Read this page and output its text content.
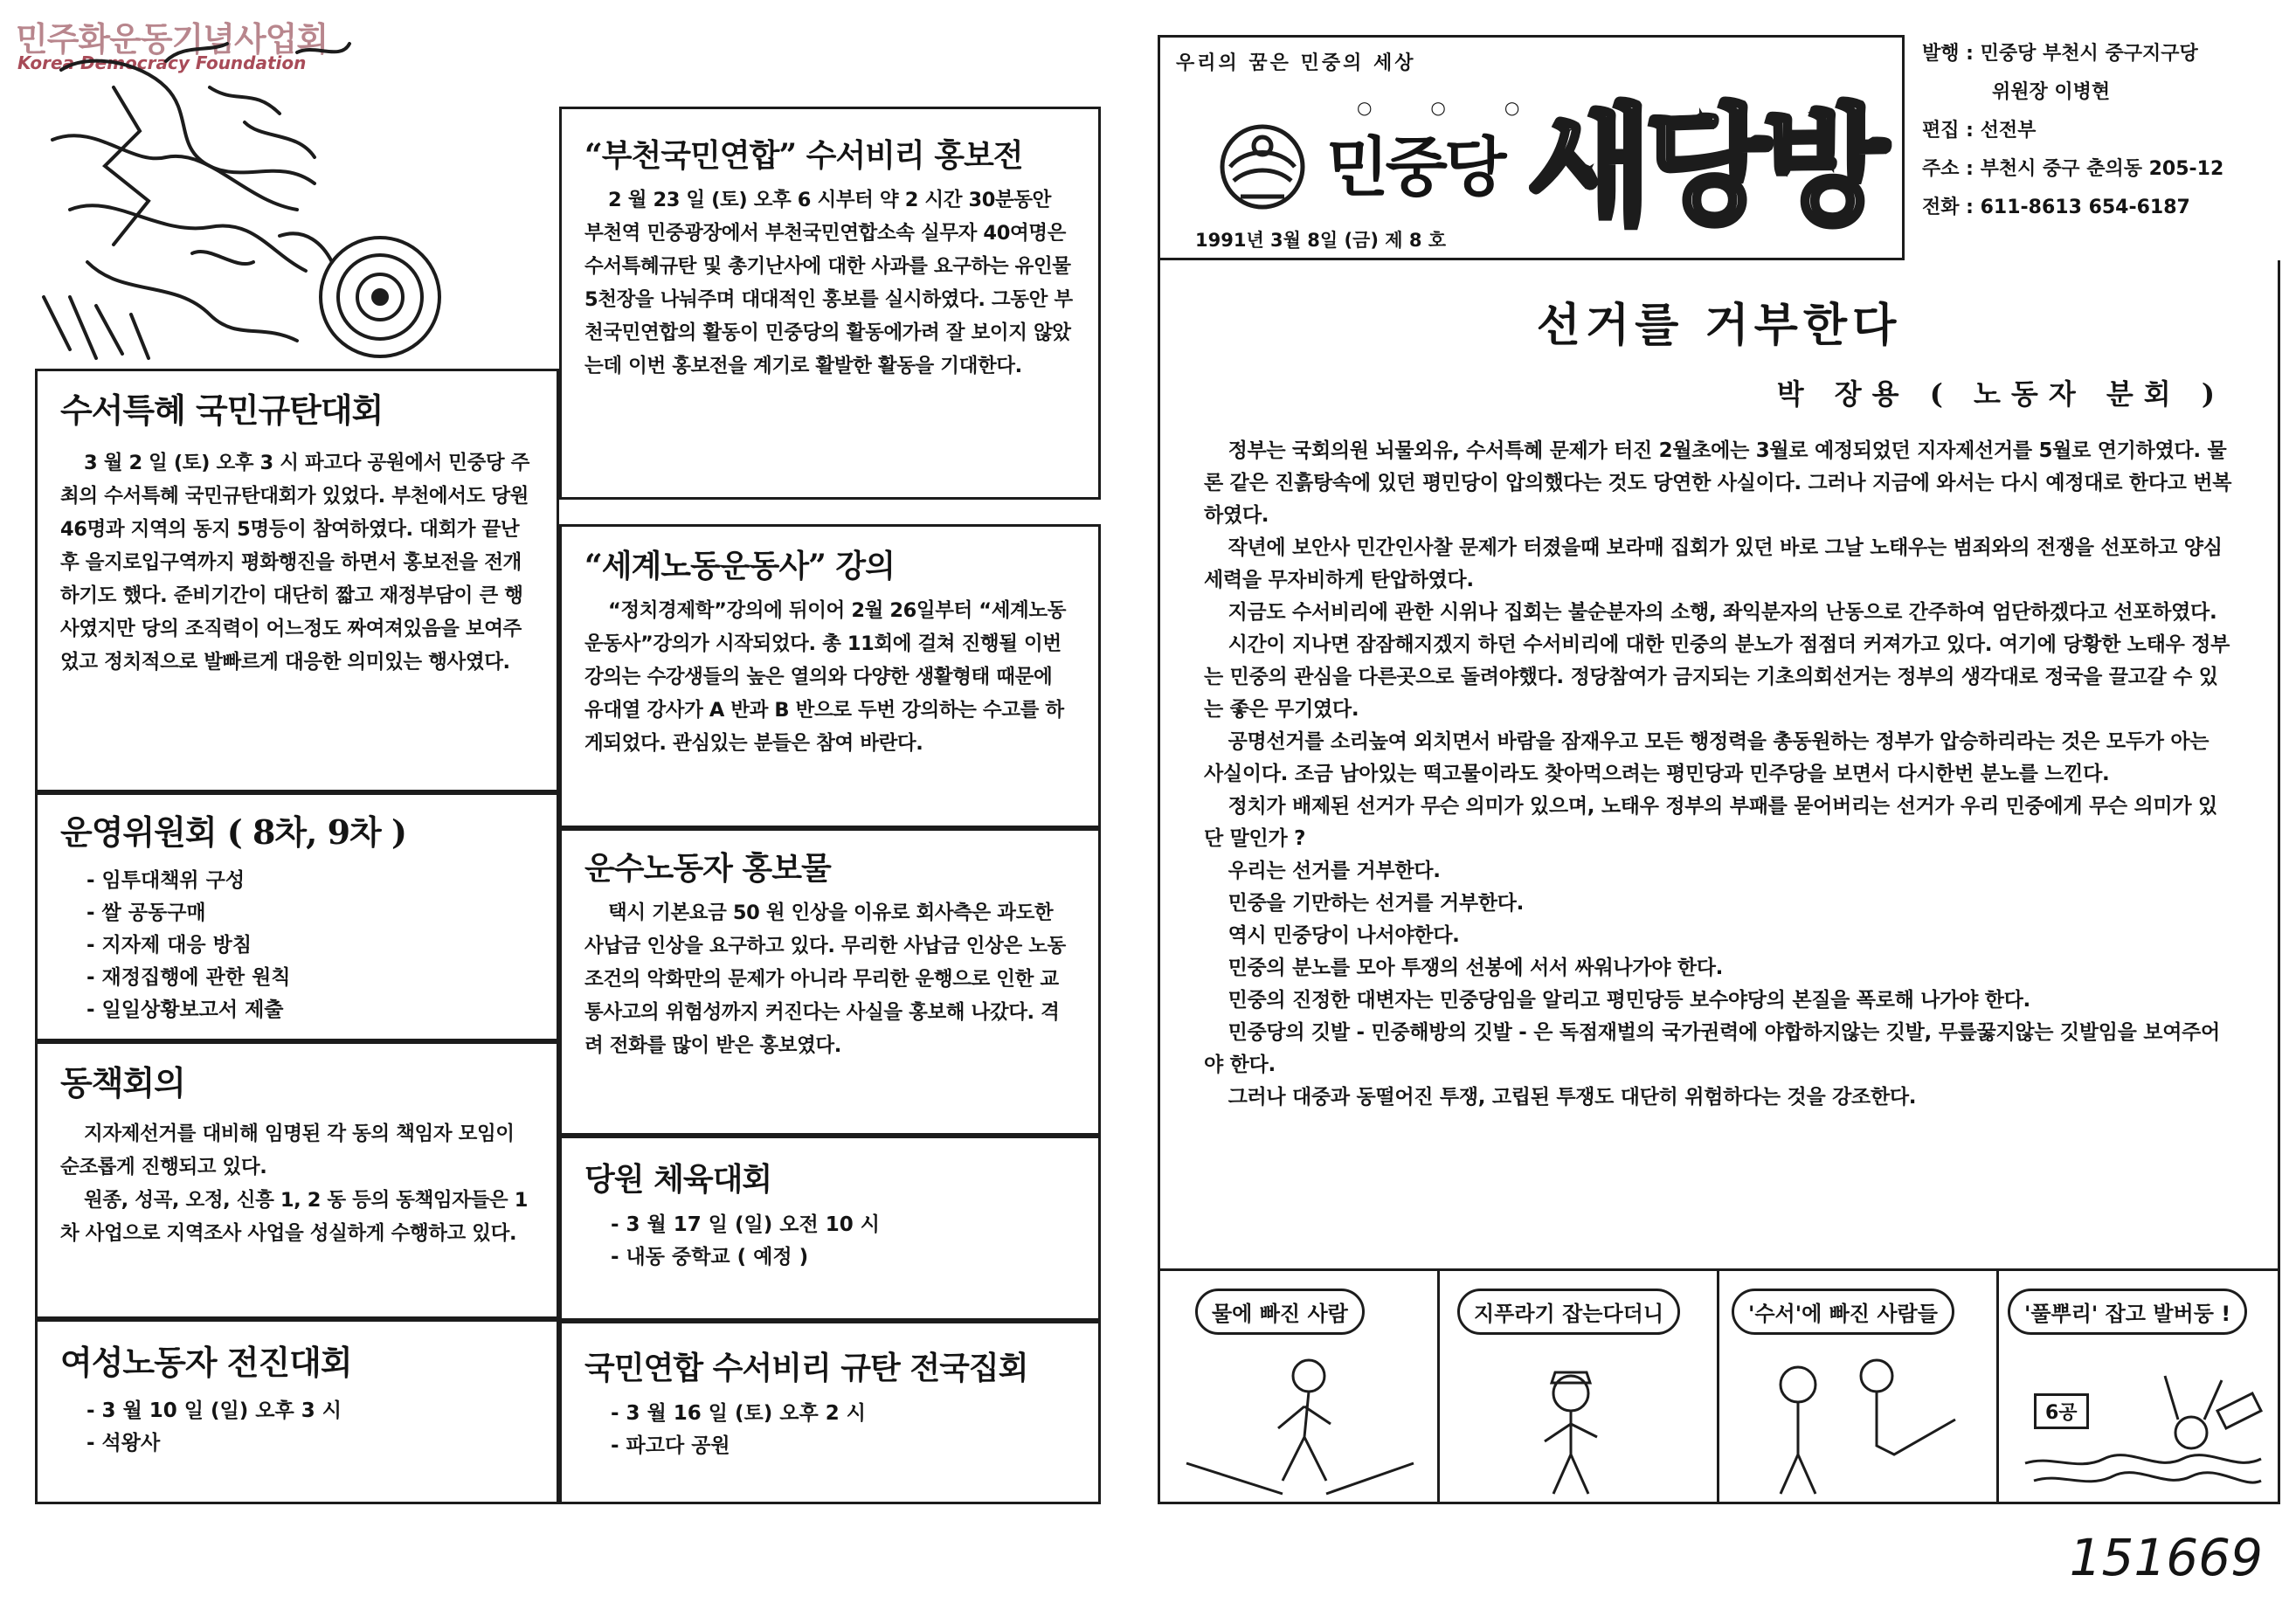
민주화운동기념사업회
Korea Democracy Foundation
수서특혜 국민규탄대회

3 월 2 일 (토) 오후 3 시 파고다 공원에서 민중당 주최의 수서특혜 국민규탄대회가 있었다. 부천에서도 당원 46명과 지역의 동지 5명등이 참여하였다. 대회가 끝난후 을지로입구역까지 평화행진을 하면서 홍보전을 전개하기도 했다. 준비기간이 대단히 짧고 재정부담이 큰 행사였지만 당의 조직력이 어느정도 짜여져있음을 보여주었고 정치적으로 발빠르게 대응한 의미있는 행사였다.

운영위원회 ( 8차, 9차 )
- 임투대책위 구성
- 쌀 공동구매
- 지자제 대응 방침
- 재정집행에 관한 원칙
- 일일상황보고서 제출
동책회의

지자제선거를 대비해 임명된 각 동의 책임자 모임이 순조롭게 진행되고 있다.

원종, 성곡, 오정, 신흥 1, 2 동 등의 동책임자들은 1 차 사업으로 지역조사 사업을 성실하게 수행하고 있다.

여성노동자 전진대회
- 3 월 10 일 (일) 오후 3 시
- 석왕사
“부천국민연합” 수서비리 홍보전

2 월 23 일 (토) 오후 6 시부터 약 2 시간 30분동안 부천역 민중광장에서 부천국민연합소속 실무자 40여명은 수서특혜규탄 및 총기난사에 대한 사과를 요구하는 유인물 5천장을 나눠주며 대대적인 홍보를 실시하였다. 그동안 부천국민연합의 활동이 민중당의 활동에가려 잘 보이지 않았는데 이번 홍보전을 계기로 활발한 활동을 기대한다.

“세계노동운동사” 강의

“정치경제학”강의에 뒤이어 2월 26일부터 “세계노동운동사”강의가 시작되었다. 총 11회에 걸쳐 진행될 이번 강의는 수강생들의 높은 열의와 다양한 생활형태 때문에 유대열 강사가 A 반과 B 반으로 두번 강의하는 수고를 하게되었다. 관심있는 분들은 참여 바란다.

운수노동자 홍보물

택시 기본요금 50 원 인상을 이유로 회사측은 과도한 사납금 인상을 요구하고 있다. 무리한 사납금 인상은 노동조건의 악화만의 문제가 아니라 무리한 운행으로 인한 교통사고의 위험성까지 커진다는 사실을 홍보해 나갔다. 격려 전화를 많이 받은 홍보였다.

당원 체육대회
- 3 월 17 일 (일) 오전 10 시
- 내동 중학교 ( 예정 )
국민연합 수서비리 규탄 전국집회
- 3 월 16 일 (토) 오후 2 시
- 파고다 공원
우리의 꿈은 민중의 세상
○ ○ ○
민중당 새당방
1991년 3월 8일 (금) 제 8 호
발행 : 민중당 부천시 중구지구당
위원장 이병현
편집 : 선전부
주소 : 부천시 중구 춘의동 205-12
전화 : 611-8613 654-6187
선거를 거부한다
박 장용 ( 노동자 분회 )

정부는 국회의원 뇌물외유, 수서특혜 문제가 터진 2월초에는 3월로 예정되었던 지자제선거를 5월로 연기하였다. 물론 같은 진흙탕속에 있던 평민당이 압의했다는 것도 당연한 사실이다. 그러나 지금에 와서는 다시 예정대로 한다고 번복하였다.

작년에 보안사 민간인사찰 문제가 터졌을때 보라매 집회가 있던 바로 그날 노태우는 범죄와의 전쟁을 선포하고 양심세력을 무자비하게 탄압하였다.

지금도 수서비리에 관한 시위나 집회는 불순분자의 소행, 좌익분자의 난동으로 간주하여 엄단하겠다고 선포하였다.

시간이 지나면 잠잠해지겠지 하던 수서비리에 대한 민중의 분노가 점점더 커져가고 있다. 여기에 당황한 노태우 정부는 민중의 관심을 다른곳으로 돌려야했다. 정당참여가 금지되는 기초의회선거는 정부의 생각대로 정국을 끌고갈 수 있는 좋은 무기였다.

공명선거를 소리높여 외치면서 바람을 잠재우고 모든 행정력을 총동원하는 정부가 압승하리라는 것은 모두가 아는 사실이다. 조금 남아있는 떡고물이라도 찾아먹으려는 평민당과 민주당을 보면서 다시한번 분노를 느낀다.

정치가 배제된 선거가 무슨 의미가 있으며, 노태우 정부의 부패를 묻어버리는 선거가 우리 민중에게 무슨 의미가 있단 말인가 ?

우리는 선거를 거부한다.

민중을 기만하는 선거를 거부한다.

역시 민중당이 나서야한다.

민중의 분노를 모아 투쟁의 선봉에 서서 싸워나가야 한다.

민중의 진정한 대변자는 민중당임을 알리고 평민당등 보수야당의 본질을 폭로해 나가야 한다.

민중당의 깃발 - 민중해방의 깃발 - 은 독점재벌의 국가권력에 야합하지않는 깃발, 무릎꿇지않는 깃발임을 보여주어야 한다.

그러나 대중과 동떨어진 투쟁, 고립된 투쟁도 대단히 위험하다는 것을 강조한다.

물에 빠진 사람	지푸라기 잡는다더니	'수서'에 빠진 사람들	'풀뿌리' 잡고 발버둥 !
6공
151669
